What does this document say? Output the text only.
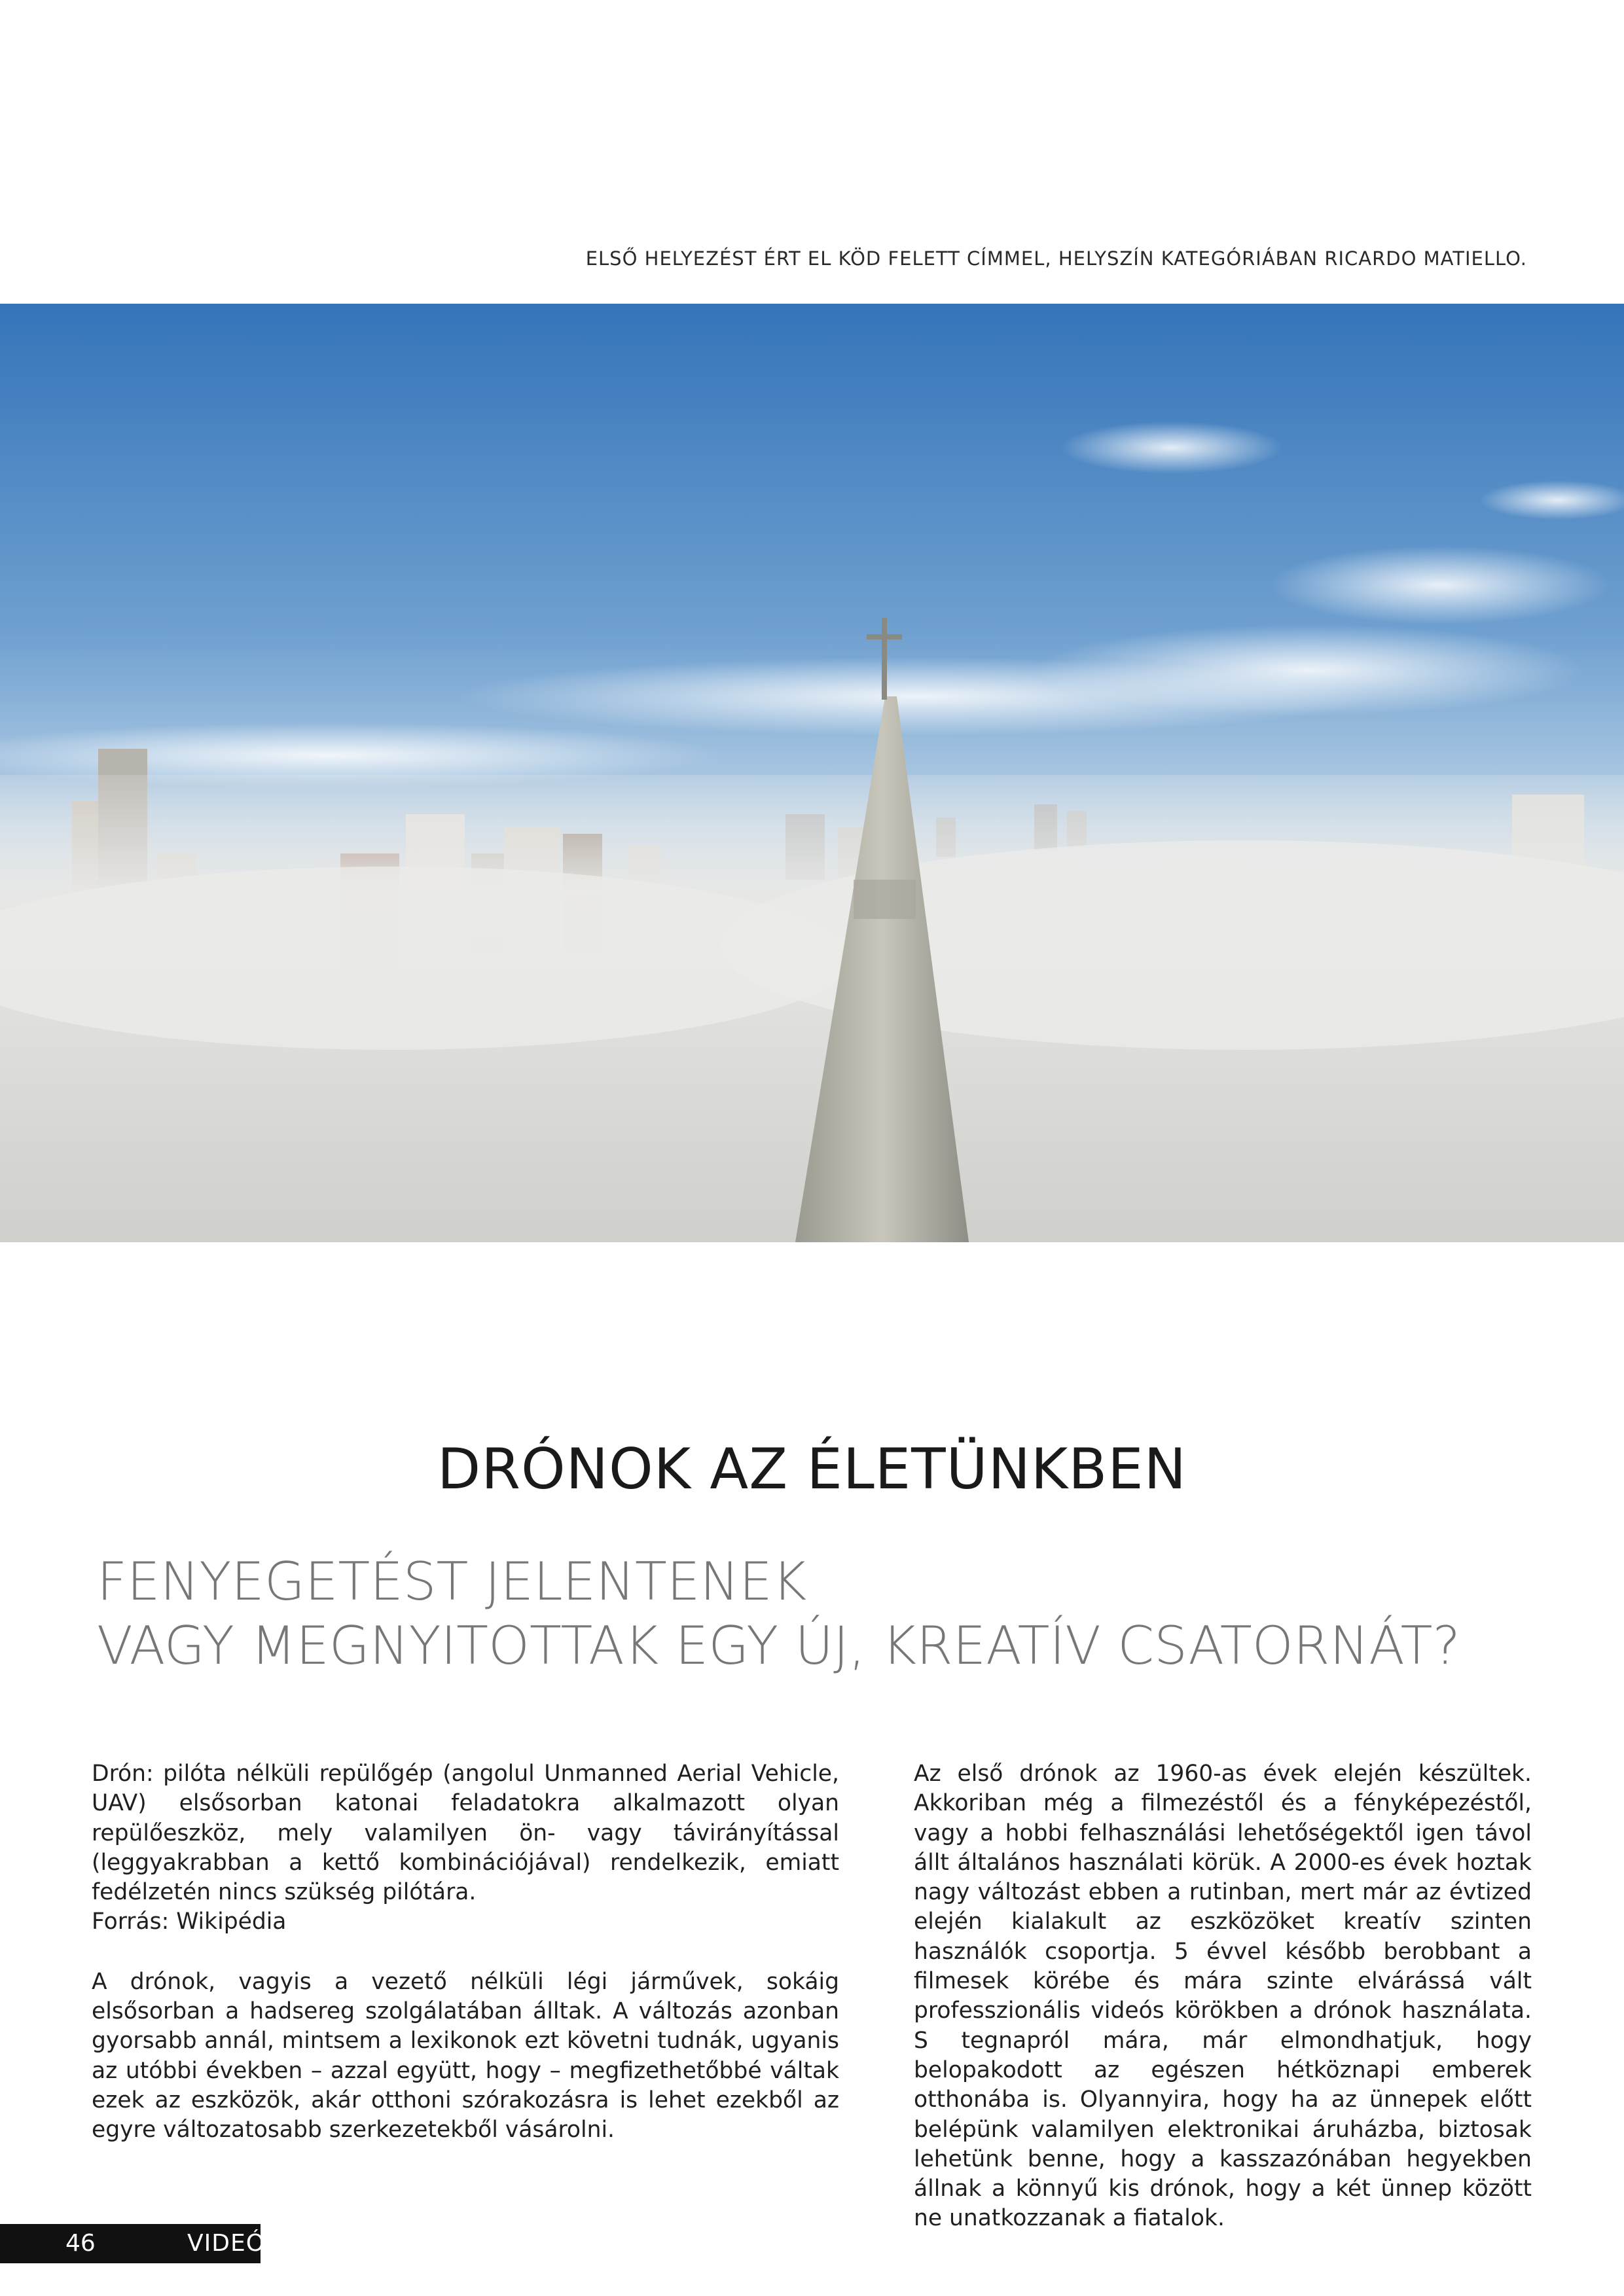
ELSŐ HELYEZÉST ÉRT EL KÖD FELETT CÍMMEL, HELYSZÍN KATEGÓRIÁBAN RICARDO MATIELLO.
DRÓNOK AZ ÉLETÜNKBEN
FENYEGETÉST JELENTENEK
VAGY MEGNYITOTTAK EGY ÚJ, KREATÍV CSATORNÁT?

Drón: pilóta nélküli repülőgép (angolul Unmanned Aerial Vehicle, UAV) elsősorban katonai feladatokra alkalmazott olyan repülőeszköz, mely valamilyen ön- vagy távirányítással (leggyakrabban a kettő kombinációjával) rendelkezik, emiatt fedélzetén nincs szükség pilótára.

Forrás: Wikipédia

A drónok, vagyis a vezető nélküli légi járművek, sokáig elsősorban a hadsereg szolgálatában álltak. A változás azonban gyorsabb annál, mintsem a lexikonok ezt követni tudnák, ugyanis az utóbbi években – azzal együtt, hogy – megfizethetőbbé váltak ezek az eszközök, akár otthoni szórakozásra is lehet ezekből az egyre változatosabb szerkezetekből vásárolni.

Az első drónok az 1960-as évek elején készültek. Akkoriban még a filmezéstől és a fényképezéstől, vagy a hobbi felhasználási lehetőségektől igen távol állt általános használati körük. A 2000-es évek hoztak nagy változást ebben a rutinban, mert már az évtized elején kialakult az eszközöket kreatív szinten használók csoportja. 5 évvel később berobbant a filmesek körébe és mára szinte elvárássá vált professzionális videós körökben a drónok használata. S tegnapról mára, már elmondhatjuk, hogy belopakodott az egészen hétköznapi emberek otthonába is. Olyannyira, hogy ha az ünnepek előtt belépünk valamilyen elektronikai áruházba, biztosak lehetünk benne, hogy a kasszazónában hegyekben állnak a könnyű kis drónok, hogy a két ünnep között ne unatkozzanak a fiatalok.

46	VIDEÓ
